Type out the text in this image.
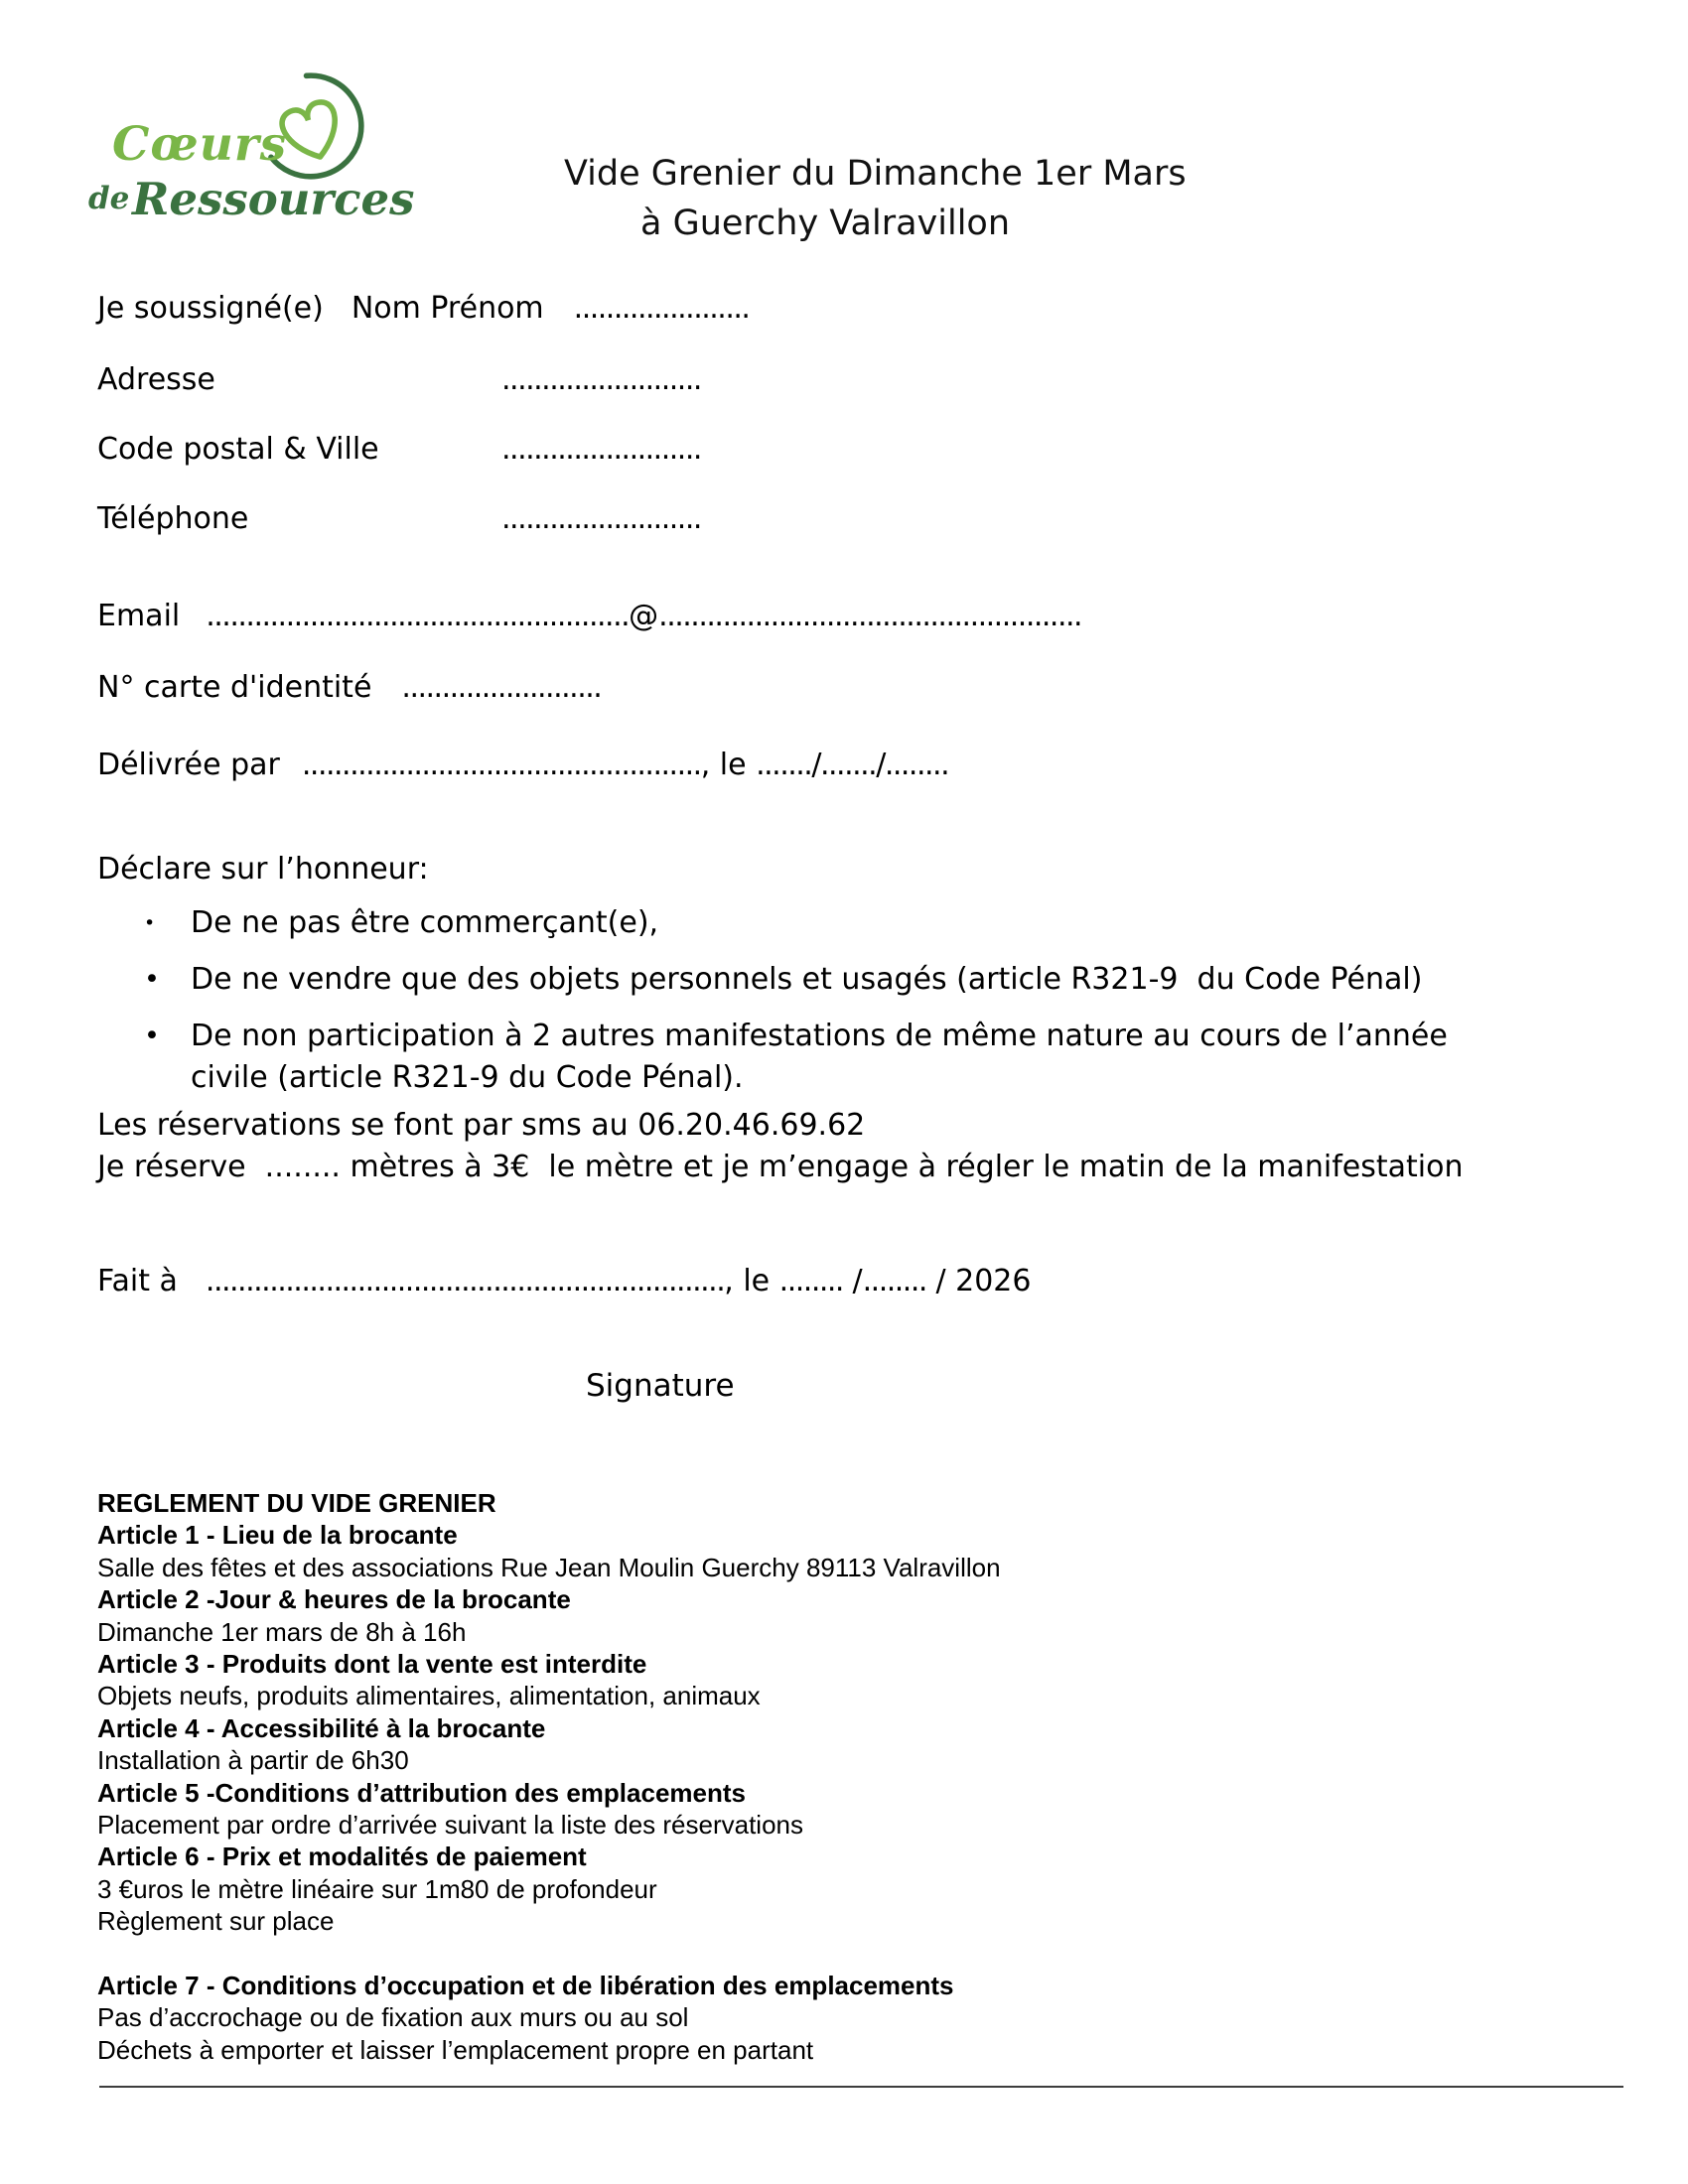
Cœurs
de Ressources	Vide Grenier du Dimanche 1er Mars
à Guerchy Valravillon
Je soussigné(e) Nom Prénom ......................
Adresse	.........................
Code postal & Ville	.........................
Téléphone	.........................
Email .....................................................@.....................................................
N° carte d'identité .........................
Délivrée par .................................................., le ......./......./........
Déclare sur l’honneur:
•	De ne pas être commerçant(e),
•	De ne vendre que des objets personnels et usagés (article R321-9  du Code Pénal)
•	De non participation à 2 autres manifestations de même nature au cours de l’année civile (article R321-9 du Code Pénal).
Les réservations se font par sms au 06.20.46.69.62
Je réserve  ........ mètres à 3€  le mètre et je m’engage à régler le matin de la manifestation
Fait à ................................................................., le ........ /........ / 2026
Signature
REGLEMENT DU VIDE GRENIER
Article 1 - Lieu de la brocante
Salle des fêtes et des associations Rue Jean Moulin Guerchy 89113 Valravillon
Article 2 -Jour & heures de la brocante
Dimanche 1er mars de 8h à 16h
Article 3 - Produits dont la vente est interdite
Objets neufs, produits alimentaires, alimentation, animaux
Article 4 - Accessibilité à la brocante
Installation à partir de 6h30
Article 5 -Conditions d’attribution des emplacements
Placement par ordre d’arrivée suivant la liste des réservations
Article 6 - Prix et modalités de paiement
3 €uros le mètre linéaire sur 1m80 de profondeur
Règlement sur place
Article 7 - Conditions d’occupation et de libération des emplacements
Pas d’accrochage ou de fixation aux murs ou au sol
Déchets à emporter et laisser l’emplacement propre en partant
